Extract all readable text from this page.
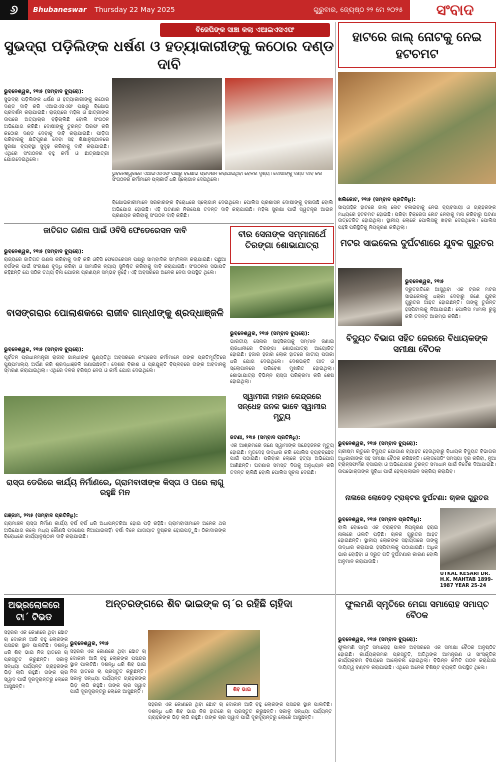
୬	Bhubaneswar Thursday 22 May 2025	ଗୁରୁବାର, ଜ୍ୟେଷ୍ଠ ୨୨ ମେ ୨୦୨୫	ସଂବାଦ
ବିଜେପିଙ୍କ ସାଞ୍ଚା କଲା ଏଆଇଏସଏଫ
ସୁଭଦ୍ରା ପଡ଼ିଲିଙ୍କ ଧର୍ଷଣ ଓ ହତ୍ୟାକାରୀଙ୍କୁ କଠୋର ଦଣ୍ଡ ଦାବି
ଭୁବନେଶ୍ୱର, ୨୧ା୫ (ସମ୍ବାଦ ବ୍ୟୁରୋ):

ସୁଭଦ୍ରା ପଡ଼ିଲିଙ୍କ ଧର୍ଷଣ ଓ ହତ୍ୟାକାରୀଙ୍କୁ କଠୋର ଦଣ୍ଡ ଦାବି କରି ଏଆଇଏସଏଫ ପକ୍ଷରୁ ବିକ୍ଷୋଭ ପ୍ରଦର୍ଶନ କରାଯାଇଛି। ରାଜ୍ୟରେ ମହିଳା ଓ ଛାତ୍ରୀଙ୍କ ଉପରେ ଅତ୍ୟାଚାର ବଢ଼ିଚାଲିଛି ବୋଲି ସଂଗଠନ ଅଭିଯୋଗ କରିଛି। ଦୋଷୀଙ୍କୁ ତୁରନ୍ତ ଗିରଫ କରି କଠୋର ଦଣ୍ଡ ଦେବାକୁ ଦାବି କରାଯାଇଛି। ପୀଡ଼ିତା ପରିବାରକୁ କ୍ଷତିପୂରଣ ଦେବା ସହ ଶିକ୍ଷାନୁଷ୍ଠାନରେ ସୁରକ୍ଷା ବ୍ୟବସ୍ଥା ସୁଦୃଢ଼ କରିବାକୁ ଦାବି କରାଯାଇଛି। ଏଥିରେ ସଂଗଠନର ବହୁ କର୍ମୀ ଓ ଛାତ୍ରଛାତ୍ରୀ ଯୋଗଦେଇଥିଲେ।

ଭୁବନେଶ୍ୱରରେ ଏଆଇଏସଏଫ ପକ୍ଷରୁ ବିକ୍ଷୋଭ ପ୍ରଦର୍ଶନ କରାଯାଇଥିବା ବେଳର ଦୃଶ୍ୟ। ଦୋଷୀଙ୍କୁ ଦଣ୍ଡ ଦାବି କରି ସଂଗଠନର କର୍ମୀମାନେ ପ୍ଲାକାର୍ଡ ଧରି ସ୍ଲୋଗାନ ଦେଇଥିଲେ।

ବିକ୍ଷୋଭକାରୀମାନେ ସରକାରଙ୍କ ବିରୋଧରେ ସ୍ଲୋଗାନ ଦେଇଥିଲେ। ପୋଲିସ ପ୍ରଶାସନ ଦୋଷୀଙ୍କୁ ବଞ୍ଚାଉଛି ବୋଲି ଅଭିଯୋଗ ହୋଇଛି। ଏହି ଘଟଣାର ନିରପେକ୍ଷ ତଦନ୍ତ ଦାବି କରାଯାଇଛି। ମହିଳା ସୁରକ୍ଷା ପାଇଁ ସ୍ୱତନ୍ତ୍ର ଆଇନ ପ୍ରଣୟନ କରିବାକୁ ସଂଗଠନ ଦାବି କରିଛି।

ହାଟରେ ଜାଲ୍ ନୋଟକୁ ନେଇ ହଟଚମଟ
ଖଲିକୋଟ, ୨୧ା୫ (ସମ୍ବାଦ ପ୍ରତିନିଧି):

ସାପ୍ତାହିକ ହାଟରେ ଜାଲ୍ ନୋଟ ଚଳାଇବାକୁ ନେଇ ବ୍ୟବସାୟୀ ଓ ଗ୍ରାହକଙ୍କ ମଧ୍ୟରେ ହଟଚମଟ ହୋଇଛି। ପରିବା ବିକ୍ରେତା ନୋଟ ନେବାକୁ ମନା କରିବାରୁ ଘଟଣା ଉତ୍ତେଜିତ ହୋଇଥିଲା। ସ୍ଥାନୀୟ ଲୋକେ ପୋଲିସକୁ ଖବର ଦେଇଥିଲେ। ପୋଲିସ ପହଞ୍ଚି ପରିସ୍ଥିତିକୁ ନିୟନ୍ତ୍ରଣ କରିଥିଲା।

ଜାତିଗତ ଗଣନା ପାଇଁ ଓବିସି ଫେଡେରେସନ ଦାବି
ଭୁବନେଶ୍ୱର, ୨୧ା୫ (ସମ୍ବାଦ ବ୍ୟୁରୋ):

ରାଜ୍ୟରେ ଜାତିଗତ ଗଣନା କରିବାକୁ ଦାବି କରି ଓବିସି ଫେଡେରେସନ ପକ୍ଷରୁ ସାମ୍ବାଦିକ ସମ୍ମିଳନୀ କରାଯାଇଛି। ପଛୁଆ ବର୍ଗଙ୍କ ପାଇଁ ସଂରକ୍ଷଣ ବୃଦ୍ଧି କରିବା ଓ ସାମାଜିକ ନ୍ୟାୟ ସୁନିଶ୍ଚିତ କରିବାକୁ ଦାବି କରାଯାଇଛି। ସଂଗଠନର ସଭାପତି କହିଛନ୍ତି ଯେ ସଠିକ ତଥ୍ୟ ବିନା ଯୋଜନା ପ୍ରଣୟନ ସମ୍ଭବ ନୁହେଁ। ଏହି ଅବସରରେ ଅନେକ ନେତା ଉପସ୍ଥିତ ଥିଲେ।

ବୀର ସେନାଙ୍କ ସମ୍ମାନାର୍ଥେ ତିରଙ୍ଗା ଶୋଭାଯାତ୍ରା
ଭୁବନେଶ୍ୱର, ୨୧ା୫ (ସମ୍ବାଦ ବ୍ୟୁରୋ):

ଭାରତୀୟ ସେନାର ସାହସିକତାକୁ ସମ୍ମାନ ଜଣାଇ ରାଜଧାନୀରେ ତିରଙ୍ଗା ଶୋଭାଯାତ୍ରା ଆୟୋଜିତ ହୋଇଛି। ହଜାର ହଜାର ଲୋକ ହାତରେ ଜାତୀୟ ପତାକା ଧରି ଯୋଗ ଦେଇଥିଲେ। ଦେଶଭକ୍ତି ଗୀତ ଓ ସ୍ଲୋଗାନରେ ପରିବେଶ ମୁଖରିତ ହୋଇଥିଲା। ଶୋଭାଯାତ୍ରା ବିଭିନ୍ନ ରାସ୍ତା ପରିକ୍ରମା କରି ଶେଷ ହୋଇଥିଲା।

ମଟର ସାଇକେଲ ଦୁର୍ଘଟଣାରେ ଯୁବକ ଗୁରୁତର
ଭୁବନେଶ୍ୱର, ୨୧ା୫

ଦ୍ରୁତଗତିରେ ଆସୁଥିବା ଏକ ଟ୍ରକ ମଟର ସାଇକେଲକୁ ଧକ୍କା ଦେବାରୁ ଜଣେ ଯୁବକ ଗୁରୁତର ଆହତ ହୋଇଛନ୍ତି। ତାଙ୍କୁ ତୁରନ୍ତ ହସ୍ପିଟାଲକୁ ନିଆଯାଇଛି। ପୋଲିସ ମାମଲା ରୁଜୁ କରି ତଦନ୍ତ ଆରମ୍ଭ କରିଛି।

ବାସଙ୍ଗରାର ପୋଲାଶକରେ ରାଜୀବ ଗାନ୍ଧୀଙ୍କୁ ଶ୍ରଦ୍ଧାଞ୍ଜଳି
ଭୁବନେଶ୍ୱର, ୨୧ା୫ (ସମ୍ବାଦ ବ୍ୟୁରୋ):

ପୂର୍ବତନ ପ୍ରଧାନମନ୍ତ୍ରୀ ରାଜୀବ ଗାନ୍ଧୀଙ୍କ ପୁଣ୍ୟତିଥି ଅବସରରେ କଂଗ୍ରେସ କର୍ମୀମାନେ ତାଙ୍କ ପ୍ରତିମୂର୍ତ୍ତିରେ ପୁଷ୍ପମାଲ୍ୟ ଅର୍ପଣ କରି ଶ୍ରଦ୍ଧାଞ୍ଜଳି ଜଣାଇଛନ୍ତି। ଦେଶର ବିକାଶ ଓ ପ୍ରଯୁକ୍ତି ବିପ୍ଳବରେ ତାଙ୍କ ଅବଦାନକୁ ସ୍ମରଣ କରାଯାଇଥିଲା। ଏଥିରେ ଦଳର ବରିଷ୍ଠ ନେତା ଓ କର୍ମୀ ଯୋଗ ଦେଇଥିଲେ।

ସ୍ୱାମୀଜୀ ମହାନ କେନ୍ଦ୍ରରେ ସନ୍ଧେହ ଜନକ ଭାବେ ସ୍ୱାମୀର ମୃତ୍ୟୁ
ଜଟଣୀ, ୨୧ା୫ (ସମ୍ବାଦ ପ୍ରତିନିଧି):

ଏକ ଆଶ୍ରମରେ ଜଣେ ସ୍ୱାମୀଙ୍କ ସନ୍ଦେହଜନକ ମୃତ୍ୟୁ ହୋଇଛି। ମୃତଦେହ ଉଦ୍ଧାର କରି ପୋଲିସ ବ୍ୟବଚ୍ଛେଦ ପାଇଁ ପଠାଇଛି। ପରିବାର ଲୋକେ ହତ୍ୟା ଅଭିଯୋଗ ଆଣିଛନ୍ତି। ଘଟଣାର ସମସ୍ତ ଦିଗକୁ ଅନୁଧ୍ୟାନ କରି ତଦନ୍ତ ଚାଲିଛି ବୋଲି ପୋଲିସ ସୂଚନା ଦେଇଛି।

ବିଦ୍ୟୁତ ବିଭାଗ ସହିତ ଜେରରେ ବିଧାୟକଙ୍କ ସମୀକ୍ଷା ବୈଠକ
ଭୁବନେଶ୍ୱର, ୨୧ା୫ (ସମ୍ବାଦ ବ୍ୟୁରୋ):

ଗ୍ରୀଷ୍ମ ଋତୁରେ ବିଦ୍ୟୁତ ଯୋଗାଣ ବ୍ୟାହତ ହେଉଥିବାରୁ ବିଧାୟକ ବିଦ୍ୟୁତ ବିଭାଗର ଅଧିକାରୀଙ୍କ ସହ ସମୀକ୍ଷା ବୈଠକ କରିଛନ୍ତି। ଲୋଡସେଡିଂ ସମସ୍ୟା ଦୂର କରିବା, ନୂଆ ଟ୍ରାନ୍ସଫର୍ମର ବସାଇବା ଓ ଅଭିଯୋଗର ତୁରନ୍ତ ସମାଧାନ ପାଇଁ ନିର୍ଦ୍ଦେଶ ଦିଆଯାଇଛି। ଉପଭୋକ୍ତାଙ୍କ ସୁବିଧା ପାଇଁ ହେଲ୍ପଲାଇନ ସକ୍ରିୟ କରାଯିବ।

ରାସ୍ତା ଡେରିରେ କାର୍ଯ୍ୟ ନିର୍ମାଣରେ, ଗ୍ରାମବାସୀଙ୍କ କିସ୍ତା ଓ ପରେ ଲାଗୁ ରହୁଛି ମନ
ଗଞ୍ଜାମ, ୨୧ା୫ (ସମ୍ବାଦ ପ୍ରତିନିଧି):

ଗ୍ରାମାଞ୍ଚଳ ରାସ୍ତା ନିର୍ମାଣ କାର୍ଯ୍ୟ ବର୍ଷ ବର୍ଷ ଧରି ଅଧାପନ୍ତରିଆ ହୋଇ ପଡ଼ି ରହିଛି। ଗ୍ରାମବାସୀମାନେ ଅନେକ ଥର ଅଭିଯୋଗ କଲେ ମଧ୍ୟ କୌଣସି ପଦକ୍ଷେପ ନିଆଯାଇନାହିଁ। ବର୍ଷା ଦିନେ ଯାତାୟାତ ଦୁଷ୍କର ହୋଇପଡ଼ୁଛି। ଠିକାଦାରଙ୍କ ବିରୋଧରେ କାର୍ଯ୍ୟାନୁଷ୍ଠାନ ଦାବି କରାଯାଇଛି।

ନାଳାରେ ଲୋଡେଡ଼ ଟ୍ରାକ୍ଟର ଦୁର୍ଘଟଣା: ଚାଳକ ଗୁରୁତର
ଭୁବନେଶ୍ୱର, ୨୧ା୫ (ସମ୍ବାଦ ପ୍ରତିନିଧି):

ବାଲି ବୋଝେଇ ଏକ ଟ୍ରାକ୍ଟର ନିୟନ୍ତ୍ରଣ ହରାଇ ନାଳାରେ ଓଲଟି ପଡ଼ିଛି। ଚାଳକ ଗୁରୁତର ଆହତ ହୋଇଛନ୍ତି। ସ୍ଥାନୀୟ ଲୋକଙ୍କ ସହାୟତାରେ ତାଙ୍କୁ ଉଦ୍ଧାର କରାଯାଇ ହସ୍ପିଟାଲକୁ ପଠାଯାଇଛି। ଅଧିକ ଭାର ବୋହିବା ଓ ଦ୍ରୁତ ଗତି ଦୁର୍ଘଟଣାର କାରଣ ବୋଲି ଅନୁମାନ କରାଯାଉଛି।

UTKAL KESARI DR. H.K. MAHTAB 1899-1987 YEAR 25-24
ଅଭ୍ରଲୋକରେ ଟା´ ଟିଭଡ
ଅନ୍ତରଙ୍ଗରେ ଶିବ ଭାଇଙ୍କ ଚା´ର ରହିଛି ଚାହିଦା

ସହରର ଏକ କୋଣରେ ଥିବା ଛୋଟ ଚା ଦୋକାନ ଆଜି ବହୁ ଲୋକଙ୍କ ପସନ୍ଦର ସ୍ଥାନ ପାଲଟିଛି। ଦଶନ୍ଧି ଧରି ଶିବ ଭାଇ ନିଜ ହାତରେ ଚା ପ୍ରସ୍ତୁତ କରୁଛନ୍ତି। ସକାଳୁ ସନ୍ଧ୍ୟା ପର୍ଯ୍ୟନ୍ତ ଗ୍ରାହକଙ୍କ ଭିଡ଼ ଲାଗି ରହୁଛି। ତାଙ୍କ ଚାର ସ୍ୱାଦ ପାଇଁ ଦୂରଦୂରାନ୍ତରୁ ଲୋକେ ଆସୁଛନ୍ତି।

ଭୁବନେଶ୍ୱର, ୨୧ା୫

ସହରର ଏକ କୋଣରେ ଥିବା ଛୋଟ ଚା ଦୋକାନ ଆଜି ବହୁ ଲୋକଙ୍କ ପସନ୍ଦର ସ୍ଥାନ ପାଲଟିଛି। ଦଶନ୍ଧି ଧରି ଶିବ ଭାଇ ନିଜ ହାତରେ ଚା ପ୍ରସ୍ତୁତ କରୁଛନ୍ତି। ସକାଳୁ ସନ୍ଧ୍ୟା ପର୍ଯ୍ୟନ୍ତ ଗ୍ରାହକଙ୍କ ଭିଡ଼ ଲାଗି ରହୁଛି। ତାଙ୍କ ଚାର ସ୍ୱାଦ ପାଇଁ ଦୂରଦୂରାନ୍ତରୁ ଲୋକେ ଆସୁଛନ୍ତି।	ଶିବ ଭାଇ

ସହରର ଏକ କୋଣରେ ଥିବା ଛୋଟ ଚା ଦୋକାନ ଆଜି ବହୁ ଲୋକଙ୍କ ପସନ୍ଦର ସ୍ଥାନ ପାଲଟିଛି। ଦଶନ୍ଧି ଧରି ଶିବ ଭାଇ ନିଜ ହାତରେ ଚା ପ୍ରସ୍ତୁତ କରୁଛନ୍ତି। ସକାଳୁ ସନ୍ଧ୍ୟା ପର୍ଯ୍ୟନ୍ତ ଗ୍ରାହକଙ୍କ ଭିଡ଼ ଲାଗି ରହୁଛି। ତାଙ୍କ ଚାର ସ୍ୱାଦ ପାଇଁ ଦୂରଦୂରାନ୍ତରୁ ଲୋକେ ଆସୁଛନ୍ତି।

ଫୁଲମଣି ସ୍ମୃତିରେ ମେଗା ସମାରୋହ ସମାପ୍ତ ବୈଠକ
ଭୁବନେଶ୍ୱର, ୨୧ା୫ (ସମ୍ବାଦ ବ୍ୟୁରୋ):

ଫୁଲମଣି ସ୍ମୃତି ସମାରୋହ ପାଳନ ଅବସରରେ ଏକ ସମୀକ୍ଷା ବୈଠକ ଅନୁଷ୍ଠିତ ହୋଇଛି। କାର୍ଯ୍ୟକ୍ରମର ପ୍ରସ୍ତୁତି, ଅତିଥିଙ୍କ ଆମନ୍ତ୍ରଣ ଓ ସାଂସ୍କୃତିକ କାର୍ଯ୍ୟକ୍ରମ ବିଷୟରେ ଆଲୋଚନା ହୋଇଥିଲା। ବିଭିନ୍ନ କମିଟି ଗଠନ କରାଯାଇ ଦାୟିତ୍ୱ ବଣ୍ଟନ କରାଯାଇଛି। ଏଥିରେ ଅନେକ ବିଶିଷ୍ଟ ବ୍ୟକ୍ତି ଉପସ୍ଥିତ ଥିଲେ।
